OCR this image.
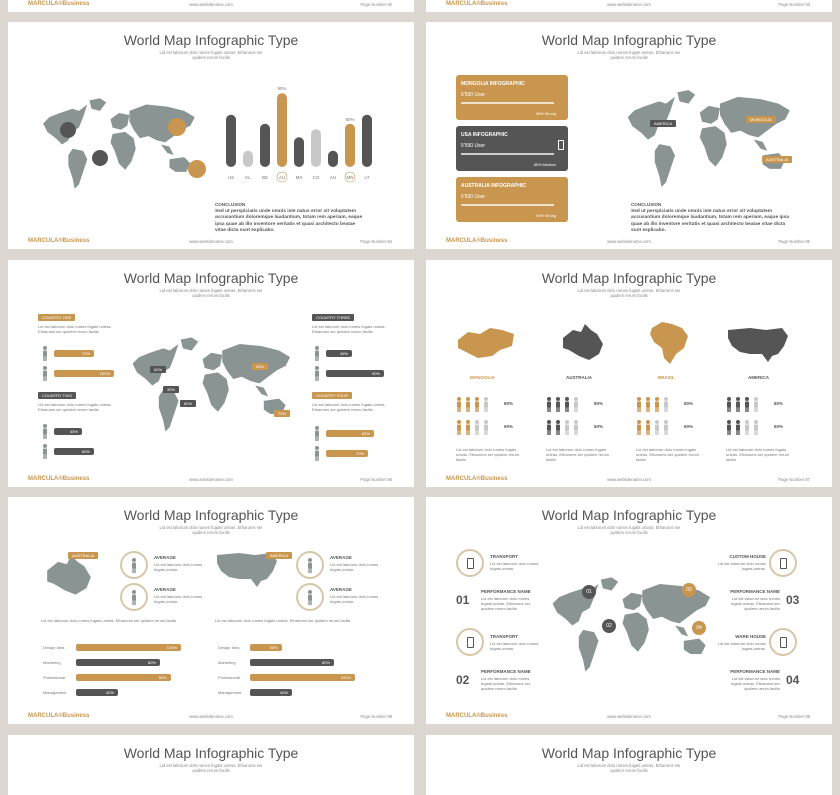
MARCULA®Business	www.websitename.com	Page Number 92	MARCULA®Business	www.websitename.com	Page Number 93
World Map Infographic Type
Lid est laborum dolo rumes fugats untras. Etharums ser quidem rerum facilis
US KL BE
90%
AU MX CO AU
60%
MN LT
CONCLUSION
Sed ut perspiciatis unde omnis iste natus error sit voluptatem accusantium doloremque laudantium, totam rem aperiam, eaque ipsa quae ab illo inventore veritatis et quasi architecto beatae vitae dicta sunt explicabo.
MARCULA®Business	www.websitename.com	Page Number 84
World Map Infographic Type
Lid est laborum dolo rumes fugats untras. Etharums ser quidem rerum facilis
MONGOLIA INFOGRAPHIC
5'590 User
58% Strong
USA INFOGRAPHIC
5'590 User
65% Medium
AUSTRALIA INFOGRAPHIC
5'590 User
90% Strong
AMERICA
MONGOLIA
AUSTRALIA
CONCLUSION
Sed ut perspiciatis unde omnis iste natus error sit voluptatem accusantium doloremque laudantium, totam rem aperiam, eaque ipsa quae ab illo inventore veritatis et quasi architecto beatae vitae dicta sunt explicabo.
MARCULA®Business	www.websitename.com	Page Number 85
World Map Infographic Type
Lid est laborum dolo rumes fugats untras. Etharums ser quidem rerum facilis
COUNTRY ONE
Lid est laborum dolo rumes fugats untras. Etharums ser quidem rerum facilis
70%
100%
COUNTRY TWO
Lid est laborum dolo rumes fugats untras. Etharums ser quidem rerum facilis
45%
60%
60%
30%
80%
65%
70%
COUNTRY THREE
Lid est laborum dolo rumes fugats untras. Etharums ser quidem rerum facilis
45%
90%
COUNTRY FOUR
Lid est laborum dolo rumes fugats untras. Etharums ser quidem rerum facilis
65%
70%
MARCULA®Business	www.websitename.com	Page Number 86
World Map Infographic Type
Lid est laborum dolo rumes fugats untras. Etharums ser quidem rerum facilis
MONGOLIA	AUSTRALIA	BRAZIL	AMERICA
MARCULA®Business	www.websitename.com	Page Number 87
80%
60%
Lid est laborum dolo rumes fugats untras. Etharums ser quidem rerum facilis
80%
60%
Lid est laborum dolo rumes fugats untras. Etharums ser quidem rerum facilis
80%
60%
Lid est laborum dolo rumes fugats untras. Etharums ser quidem rerum facilis
80%
60%
Lid est laborum dolo rumes fugats untras. Etharums ser quidem rerum facilis
World Map Infographic Type
Lid est laborum dolo rumes fugats untras. Etharums ser quidem rerum facilis
AUSTRALIA	AVERAGE
Lid est laborum dolo rumes fugats untras.
AVERAGE
Lid est laborum dolo rumes fugats untras.
AMERICA	AVERAGE
Lid est laborum dolo rumes fugats untras.
AVERAGE
Lid est laborum dolo rumes fugats untras.
Lid est laborum dolo rumes fugats untras. Etharums ser quidem rerum facilis	Lid est laborum dolo rumes fugats untras. Etharums ser quidem rerum facilis
MARCULA®Business	www.websitename.com	Page Number 88
Design Idea	100%
Marketing	80%
Professional	90%
Management	40%
Design Idea	30%
Marketing	80%
Professional	100%
Management	40%
World Map Infographic Type
Lid est laborum dolo rumes fugats untras. Etharums ser quidem rerum facilis
TRANSPORT
Lid est laborum dolo rumes fugats untras.
01
PERFORMANCE NAME
Lid est laborum dolo rumes fugats untras. Etharums ser quidem rerum facilis
TRANSPORT
Lid est laborum dolo rumes fugats untras.
02
PERFORMANCE NAME
Lid est laborum dolo rumes fugats untras. Etharums ser quidem rerum facilis
01
02
03
04
CUSTOM HOUSE
Lid est laborum dolo rumes fugats untras.
03
PERFORMANCE NAME
Lid est laborum dolo rumes fugats untras. Etharums ser quidem rerum facilis
WARE HOUSE
Lid est laborum dolo rumes fugats untras.
04
PERFORMANCE NAME
Lid est laborum dolo rumes fugats untras. Etharums ser quidem rerum facilis
MARCULA®Business	www.websitename.com	Page Number 89
World Map Infographic Type
Lid est laborum dolo rumes fugats untras. Etharums ser quidem rerum facilis
World Map Infographic Type
Lid est laborum dolo rumes fugats untras. Etharums ser quidem rerum facilis
